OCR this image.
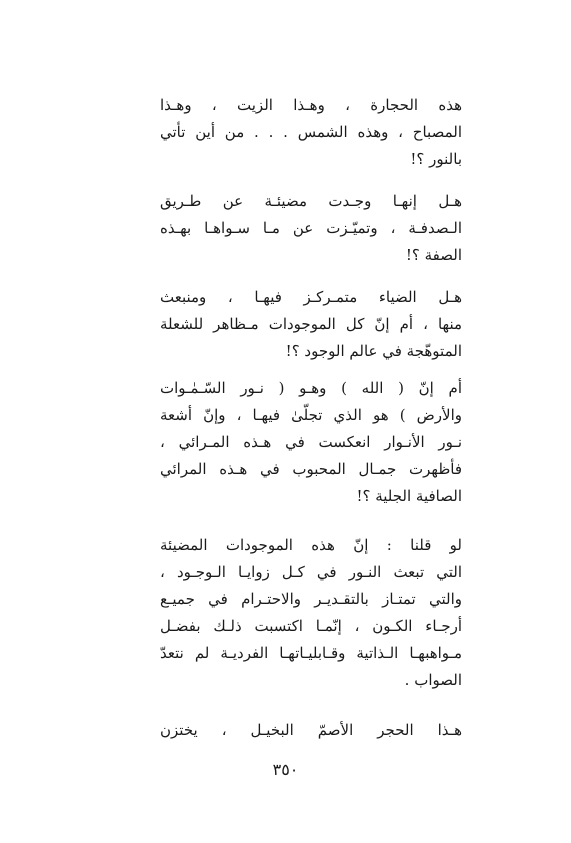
هذه الحجارة ، وهـذا الزيت ، وهـذا
المصباح ، وهذه الشمس . . . من أين تأتي
بالنور ؟!
هـل إنهـا وجـدت مضيئـة عن طـريق
الـصدفـة ، وتميّـزت عن مـا سـواهـا بهـذه
الصفة ؟!
هـل الضياء متمـركـز فيهـا ، ومنبعث
منها ، أم إنّ كل الموجودات مـظاهر للشعلة
المتوهّجة في عالم الوجود ؟!
أم إنّ ( الله ) وهـو ( نـور السّـمٰـوات
والأرض ) هو الذي تجلّىٰ فيهـا ، وإنّ أشعة
نـور الأنـوار انعكست في هـذه المـرائي ،
فأظهرت جمـال المحبوب في هـذه المرائي
الصافية الجلية ؟!
لو قلنا : إنّ هذه الموجودات المضيئة
التي تبعث النـور في كـل زوايـا الـوجـود ،
والتي تمتـاز بالتقـديـر والاحتـرام في جميـع
أرجـاء الكـون ، إنّمـا اكتسبت ذلـك بفضـل
مـواهبهـا الـذاتية وقـابليـاتهـا الفرديـة لم نتعدّ
الصواب .
هـذا الحجر الأصمّ البخيـل ، يختزن
٣٥٠
